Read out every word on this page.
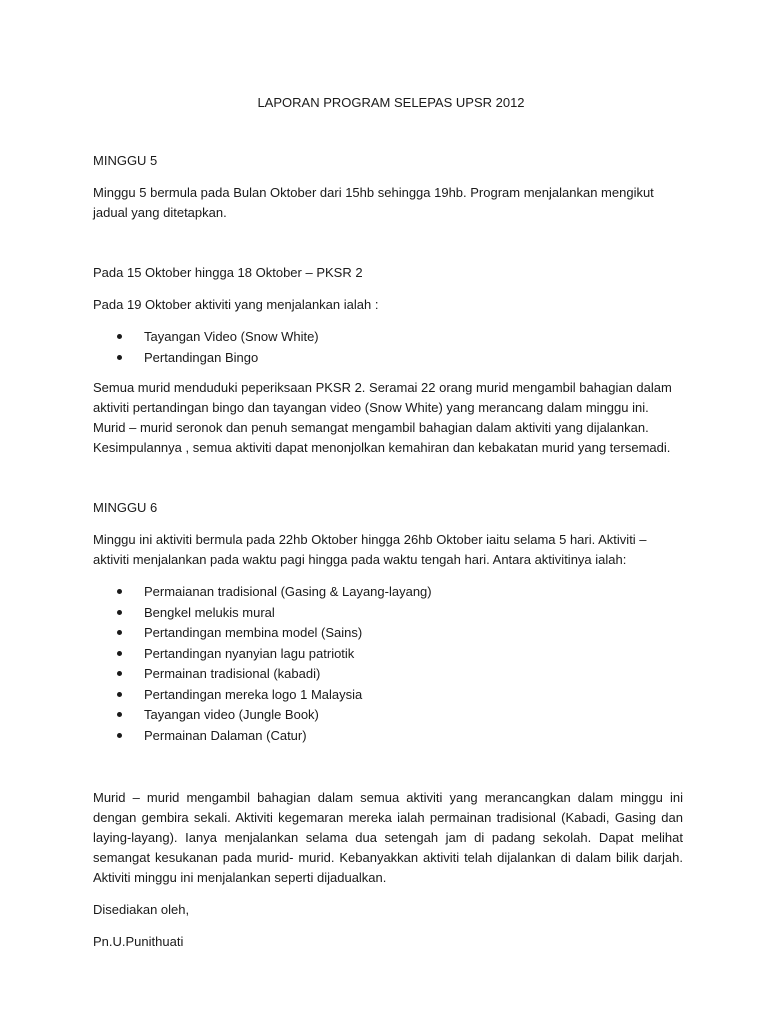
LAPORAN PROGRAM SELEPAS UPSR 2012
MINGGU 5

Minggu 5 bermula pada Bulan Oktober dari 15hb sehingga 19hb. Program menjalankan mengikut jadual yang ditetapkan.

Pada 15 Oktober hingga 18 Oktober – PKSR 2

Pada 19 Oktober aktiviti yang menjalankan ialah :

Tayangan Video (Snow White)
Pertandingan Bingo

Semua murid menduduki peperiksaan PKSR 2. Seramai 22 orang murid mengambil bahagian dalam aktiviti pertandingan bingo dan tayangan video (Snow White) yang merancang dalam minggu ini. Murid – murid seronok dan penuh semangat mengambil bahagian dalam aktiviti yang dijalankan. Kesimpulannya , semua aktiviti dapat menonjolkan kemahiran dan kebakatan murid yang tersemadi.

MINGGU 6

Minggu ini aktiviti bermula pada 22hb Oktober hingga 26hb Oktober iaitu selama 5 hari. Aktiviti – aktiviti menjalankan pada waktu pagi hingga pada waktu tengah hari. Antara aktivitinya ialah:

Permaianan tradisional (Gasing & Layang-layang)
Bengkel melukis mural
Pertandingan membina model (Sains)
Pertandingan nyanyian lagu patriotik
Permainan tradisional (kabadi)
Pertandingan mereka logo 1 Malaysia
Tayangan video (Jungle Book)
Permainan Dalaman (Catur)

Murid – murid mengambil bahagian dalam semua aktiviti yang merancangkan dalam minggu ini dengan gembira sekali. Aktiviti kegemaran mereka ialah permainan tradisional (Kabadi, Gasing dan laying-layang). Ianya menjalankan selama dua setengah jam di padang sekolah. Dapat melihat semangat kesukanan pada murid- murid. Kebanyakkan aktiviti telah dijalankan di dalam bilik darjah. Aktiviti minggu ini menjalankan seperti dijadualkan.

Disediakan oleh,

Pn.U.Punithuati
